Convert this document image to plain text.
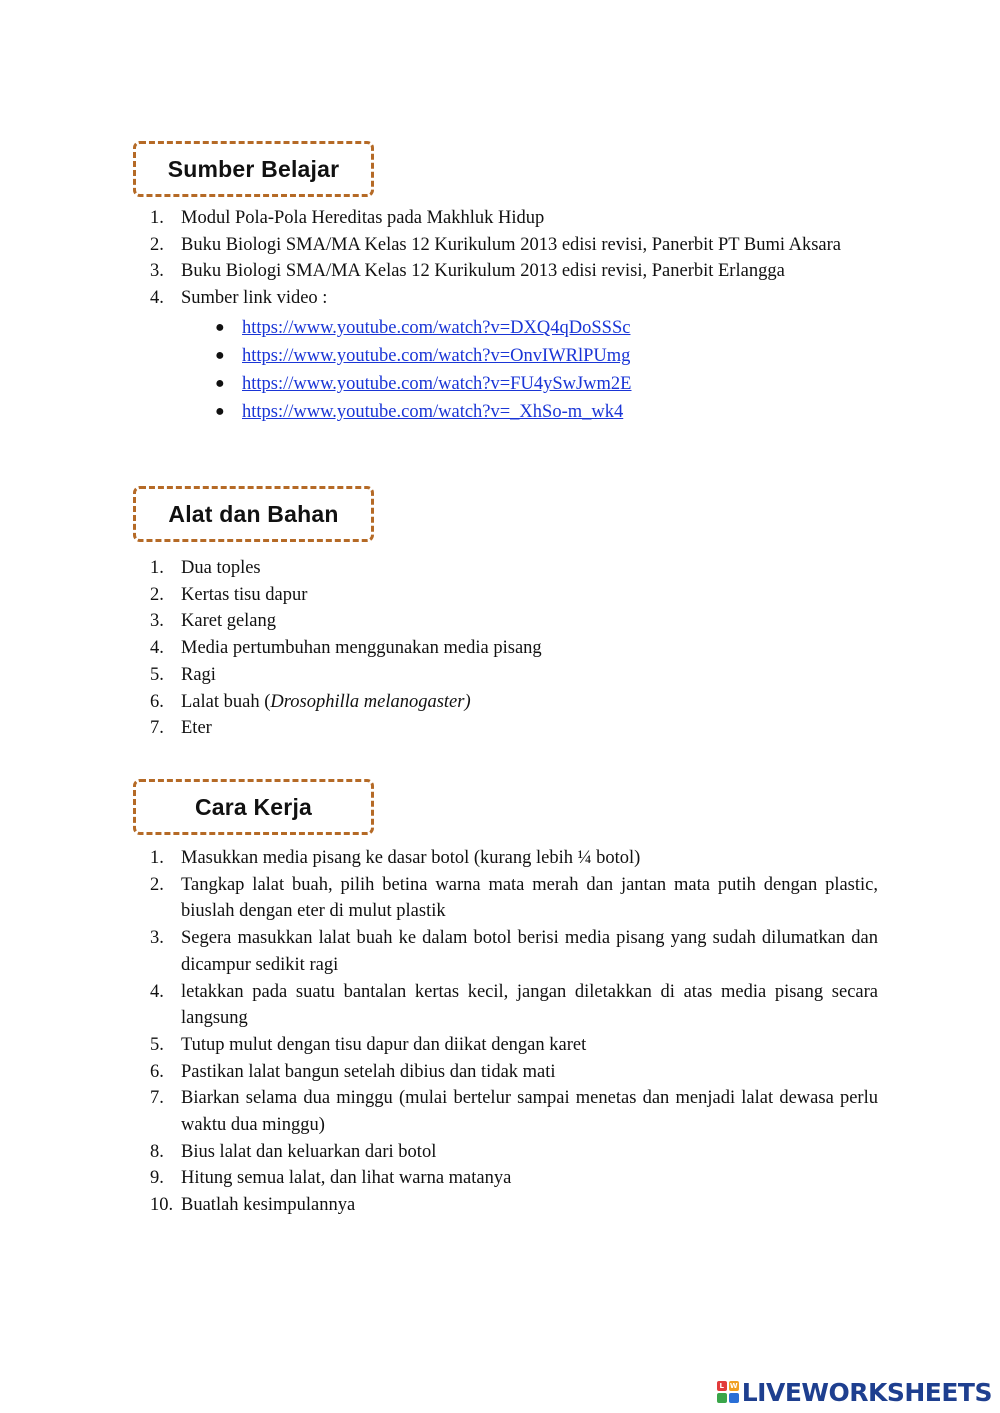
Sumber Belajar
1. Modul Pola-Pola Hereditas pada Makhluk Hidup
2. Buku Biologi SMA/MA Kelas 12 Kurikulum 2013 edisi revisi, Panerbit PT Bumi Aksara
3. Buku Biologi SMA/MA Kelas 12 Kurikulum 2013 edisi revisi, Panerbit Erlangga
4. Sumber link video :
● https://www.youtube.com/watch?v=DXQ4qDoSSSc
● https://www.youtube.com/watch?v=OnvIWRlPUmg
● https://www.youtube.com/watch?v=FU4ySwJwm2E
● https://www.youtube.com/watch?v=_XhSo-m_wk4
Alat dan Bahan
1. Dua toples
2. Kertas tisu dapur
3. Karet gelang
4. Media pertumbuhan menggunakan media pisang
5. Ragi
6. Lalat buah (Drosophilla melanogaster)
7. Eter
Cara Kerja
1. Masukkan media pisang ke dasar botol (kurang lebih ¼ botol)
2. Tangkap lalat buah, pilih betina warna mata merah dan jantan mata putih dengan plastic, biuslah dengan eter di mulut plastik
3. Segera masukkan lalat buah ke dalam botol berisi media pisang yang sudah dilumatkan dan dicampur sedikit ragi
4. letakkan pada suatu bantalan kertas kecil, jangan diletakkan di atas media pisang secara langsung
5. Tutup mulut dengan tisu dapur dan diikat dengan karet
6. Pastikan lalat bangun setelah dibius dan tidak mati
7. Biarkan selama dua minggu (mulai bertelur sampai menetas dan menjadi lalat dewasa perlu waktu dua minggu)
8. Bius lalat dan keluarkan dari botol
9. Hitung semua lalat, dan lihat warna matanya
10. Buatlah kesimpulannya
L W LIVEWORKSHEETS
